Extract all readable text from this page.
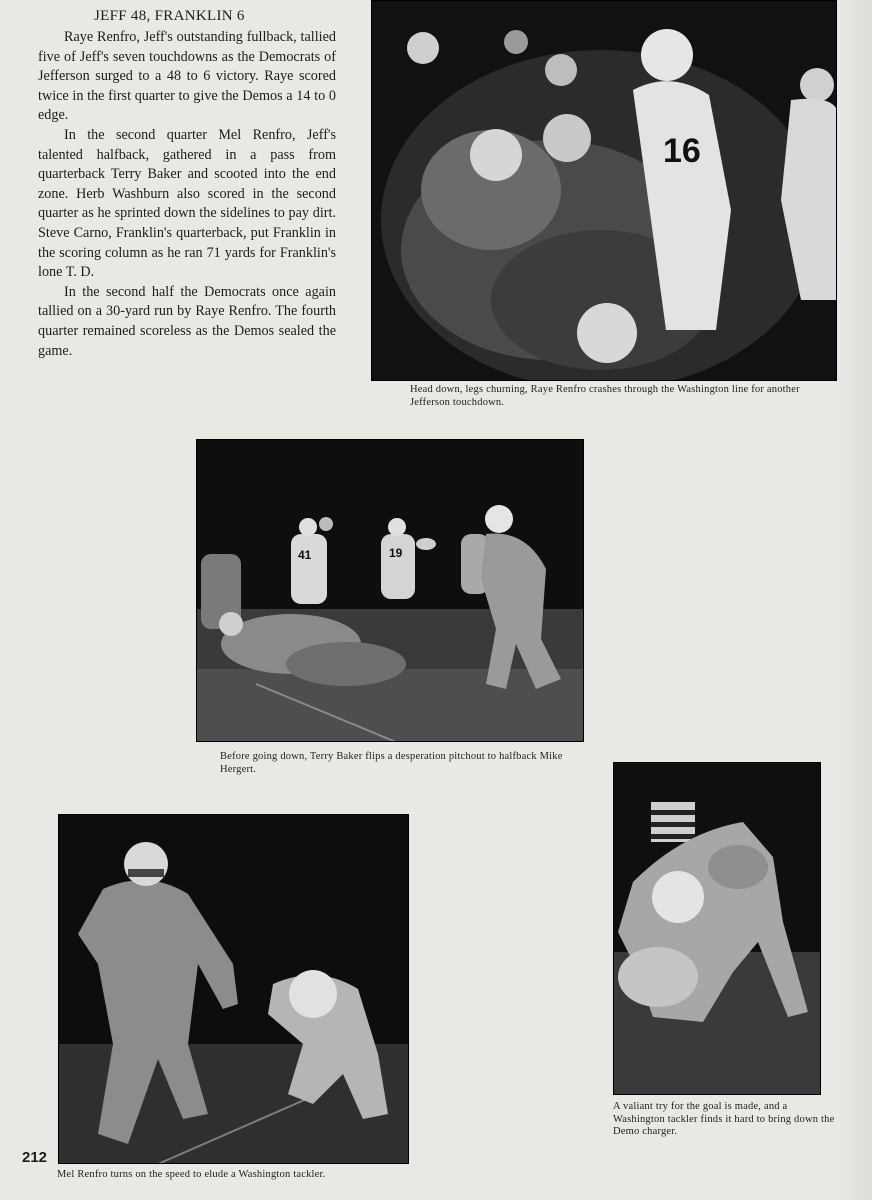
JEFF 48, FRANKLIN 6

Raye Renfro, Jeff's outstanding fullback, tallied five of Jeff's seven touchdowns as the Democrats of Jefferson surged to a 48 to 6 victory. Raye scored twice in the first quarter to give the Demos a 14 to 0 edge.

In the second quarter Mel Renfro, Jeff's talented halfback, gathered in a pass from quarterback Terry Baker and scooted into the end zone. Herb Washburn also scored in the second quarter as he sprinted down the sidelines to pay dirt. Steve Carno, Franklin's quarterback, put Franklin in the scoring column as he ran 71 yards for Franklin's lone T. D.

In the second half the Democrats once again tallied on a 30-yard run by Raye Renfro. The fourth quarter remained scoreless as the Demos sealed the game.

16
Head down, legs churning, Raye Renfro crashes through the Washington line for another Jefferson touchdown.
41	19
Before going down, Terry Baker flips a desperation pitchout to halfback Mike Hergert.
Mel Renfro turns on the speed to elude a Washington tackler.
A valiant try for the goal is made, and a Washington tackler finds it hard to bring down the Demo charger.
212
